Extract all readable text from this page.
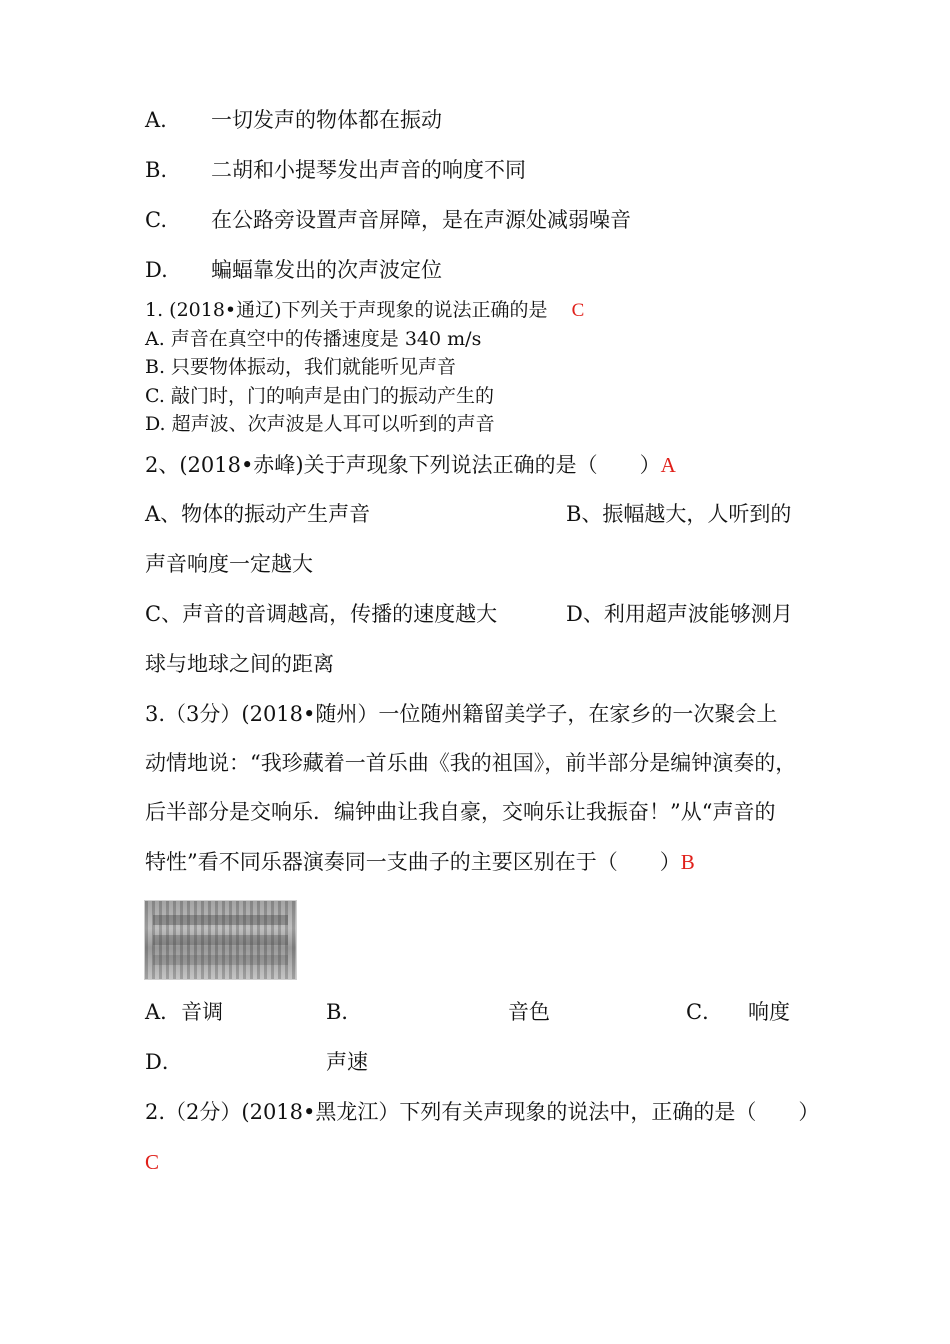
A. 一切发声的物体都在振动
B. 二胡和小提琴发出声音的响度不同
C. 在公路旁设置声音屏障，是在声源处减弱噪音
D. 蝙蝠靠发出的次声波定位
1. (2018•通辽)下列关于声现象的说法正确的是 C
A. 声音在真空中的传播速度是 340 m/s
B. 只要物体振动，我们就能听见声音
C. 敲门时，门的响声是由门的振动产生的
D. 超声波、次声波是人耳可以听到的声音
2、(2018•赤峰)关于声现象下列说法正确的是（　　）A
A、物体的振动产生声音	B、振幅越大，人听到的
声音响度一定越大
C、声音的音调越高，传播的速度越大	D、利用超声波能够测月
球与地球之间的距离
3.（3分）(2018•随州）一位随州籍留美学子，在家乡的一次聚会上
动情地说：“我珍藏着一首乐曲《我的祖国》，前半部分是编钟演奏的，
后半部分是交响乐．编钟曲让我自豪，交响乐让我振奋！”从“声音的
特性”看不同乐器演奏同一支曲子的主要区别在于（　　）B
A．音调	B．	音色	C． 响度
D．	声速
2.（2分）(2018•黑龙江）下列有关声现象的说法中，正确的是（　　）
C
